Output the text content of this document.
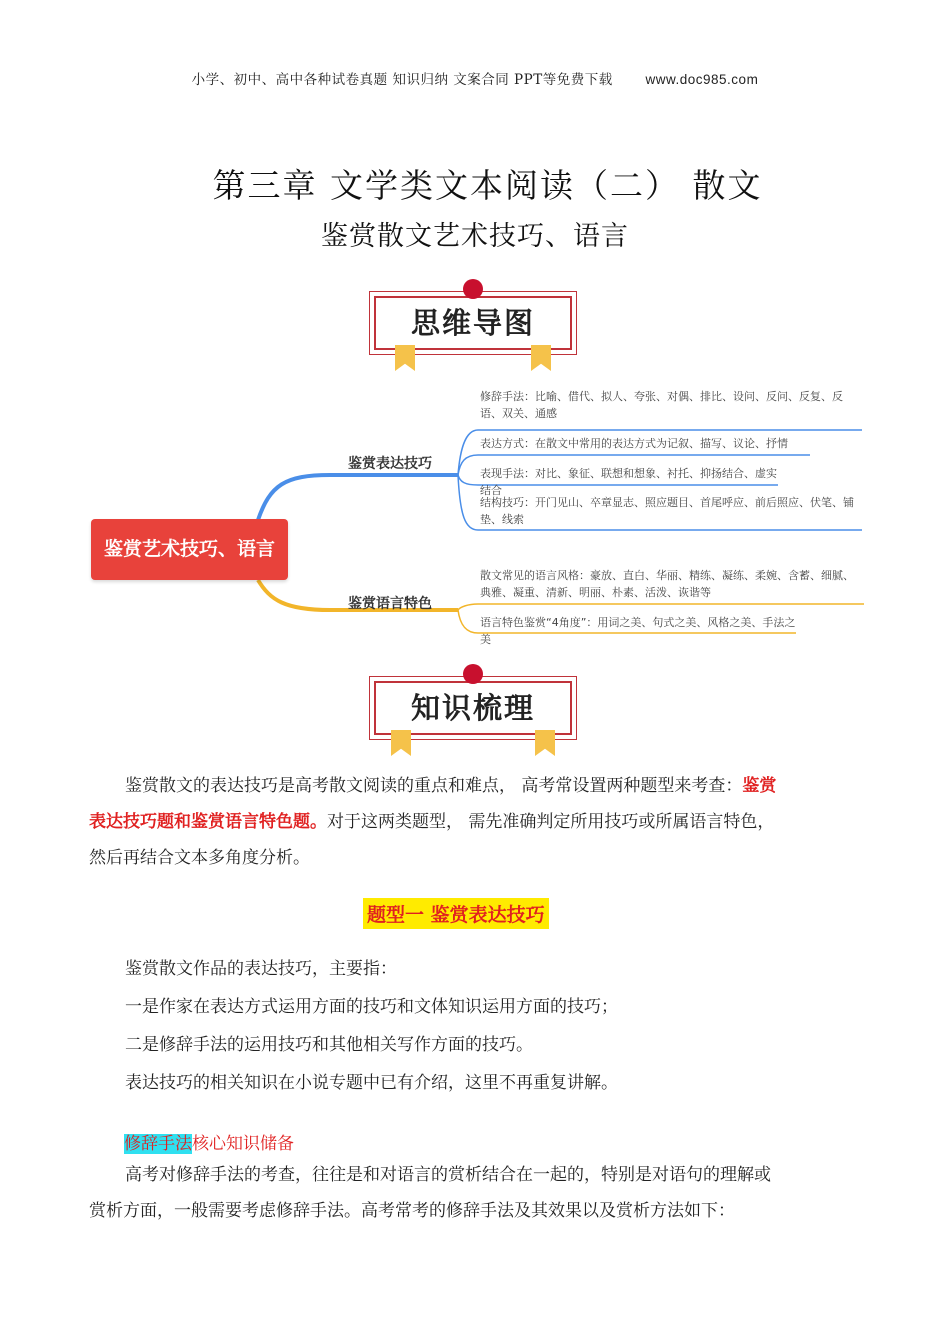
小学、初中、高中各种试卷真题 知识归纳 文案合同 PPT等免费下载 www.doc985.com
第三章 文学类文本阅读（二） 散文
鉴赏散文艺术技巧、语言
思维导图
鉴赏艺术技巧、语言
鉴赏表达技巧
鉴赏语言特色
修辞手法：比喻、借代、拟人、夸张、对偶、排比、设问、反问、反复、反语、双关、通感
表达方式：在散文中常用的表达方式为记叙、描写、议论、抒情
表现手法：对比、象征、联想和想象、衬托、抑扬结合、虚实结合
结构技巧：开门见山、卒章显志、照应题目、首尾呼应、前后照应、伏笔、铺垫、线索
散文常见的语言风格：豪放、直白、华丽、精练、凝练、柔婉、含蓄、细腻、典雅、凝重、清新、明丽、朴素、活泼、诙谐等
语言特色鉴赏“4角度”：用词之美、句式之美、风格之美、手法之美
知识梳理
鉴赏散文的表达技巧是高考散文阅读的重点和难点， 高考常设置两种题型来考查：鉴赏
表达技巧题和鉴赏语言特色题。对于这两类题型， 需先准确判定所用技巧或所属语言特色，
然后再结合文本多角度分析。
题型一 鉴赏表达技巧
鉴赏散文作品的表达技巧，主要指：
一是作家在表达方式运用方面的技巧和文体知识运用方面的技巧；
二是修辞手法的运用技巧和其他相关写作方面的技巧。
表达技巧的相关知识在小说专题中已有介绍，这里不再重复讲解。
修辞手法核心知识储备
高考对修辞手法的考查，往往是和对语言的赏析结合在一起的，特别是对语句的理解或
赏析方面，一般需要考虑修辞手法。高考常考的修辞手法及其效果以及赏析方法如下：
